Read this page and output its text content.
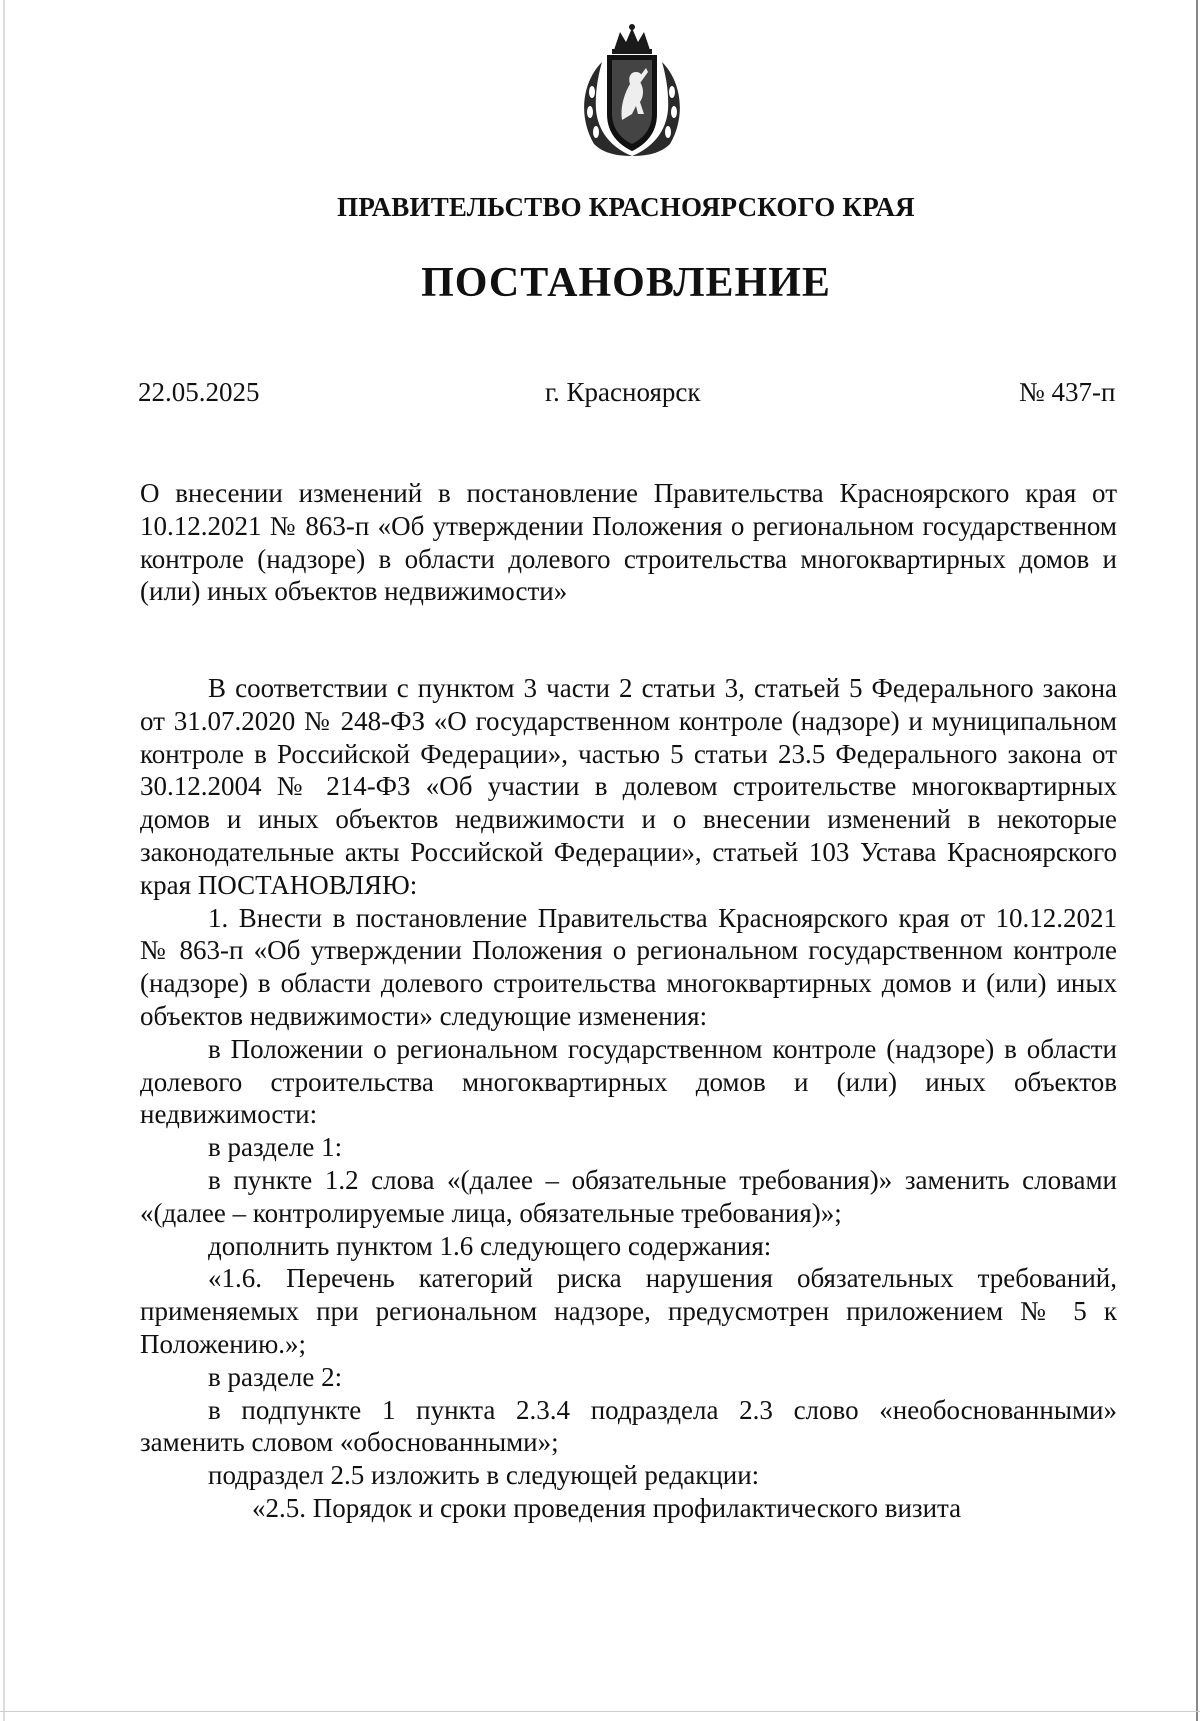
ПРАВИТЕЛЬСТВО КРАСНОЯРСКОГО КРАЯ
ПОСТАНОВЛЕНИЕ
22.05.2025	г. Красноярск	№ 437-п

О внесении изменений в постановление Правительства Красноярского края от 10.12.2021 № 863-п «Об утверждении Положения о региональном государственном контроле (надзоре) в области долевого строительства многоквартирных домов и (или) иных объектов недвижимости»

В соответствии с пунктом 3 части 2 статьи 3, статьей 5 Федерального закона от 31.07.2020 № 248-ФЗ «О государственном контроле (надзоре) и муниципальном контроле в Российской Федерации», частью 5 статьи 23.5 Федерального закона от 30.12.2004 № 214-ФЗ «Об участии в долевом строительстве многоквартирных домов и иных объектов недвижимости и о внесении изменений в некоторые законодательные акты Российской Федерации», статьей 103 Устава Красноярского края ПОСТАНОВЛЯЮ:

1. Внести в постановление Правительства Красноярского края от 10.12.2021 № 863-п «Об утверждении Положения о региональном государственном контроле (надзоре) в области долевого строительства многоквартирных домов и (или) иных объектов недвижимости» следующие изменения:

в Положении о региональном государственном контроле (надзоре) в области долевого строительства многоквартирных домов и (или) иных объектов недвижимости:

в разделе 1:

в пункте 1.2 слова «(далее – обязательные требования)» заменить словами «(далее – контролируемые лица, обязательные требования)»;

дополнить пунктом 1.6 следующего содержания:

«1.6. Перечень категорий риска нарушения обязательных требований, применяемых при региональном надзоре, предусмотрен приложением № 5 к Положению.»;

в разделе 2:

в подпункте 1 пункта 2.3.4 подраздела 2.3 слово «необоснованными» заменить словом «обоснованными»;

подраздел 2.5 изложить в следующей редакции:

«2.5. Порядок и сроки проведения профилактического визита
